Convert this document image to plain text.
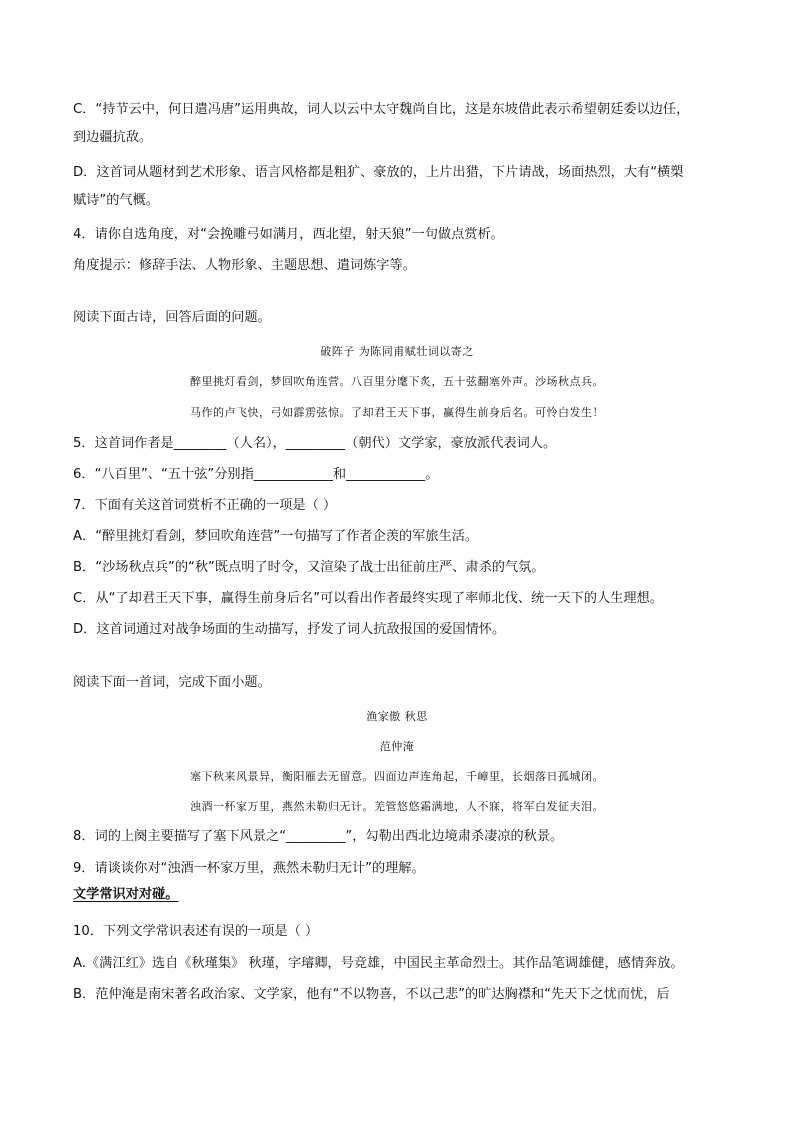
C．“持节云中，何日遣冯唐”运用典故，词人以云中太守魏尚自比，这是东坡借此表示希望朝廷委以边任，
到边疆抗敌。
D．这首词从题材到艺术形象、语言风格都是粗犷、豪放的，上片出猎，下片请战，场面热烈，大有“横槊
赋诗”的气概。
4．请你自选角度，对“会挽雕弓如满月，西北望，射天狼”一句做点赏析。
角度提示：修辞手法、人物形象、主题思想、遣词炼字等。
阅读下面古诗，回答后面的问题。
破阵子 为陈同甫赋壮词以寄之
醉里挑灯看剑，梦回吹角连营。八百里分麾下炙，五十弦翻塞外声。沙场秋点兵。
马作的卢飞快，弓如霹雳弦惊。了却君王天下事，赢得生前身后名。可怜白发生！
5．这首词作者是________（人名），_________（朝代）文学家，豪放派代表词人。
6．“八百里”、“五十弦”分别指____________和____________。
7．下面有关这首词赏析不正确的一项是（ ）
A．“醉里挑灯看剑，梦回吹角连营”一句描写了作者企羡的军旅生活。
B．“沙场秋点兵”的“秋”既点明了时令，又渲染了战士出征前庄严、肃杀的气氛。
C．从“了却君王天下事，赢得生前身后名”可以看出作者最终实现了率师北伐、统一天下的人生理想。
D．这首词通过对战争场面的生动描写，抒发了词人抗敌报国的爱国情怀。
阅读下面一首词，完成下面小题。
渔家傲 秋思
范仲淹
塞下秋来风景异，衡阳雁去无留意。四面边声连角起，千嶂里，长烟落日孤城闭。
浊酒一杯家万里，燕然未勒归无计。羌管悠悠霜满地，人不寐，将军白发征夫泪。
8．词的上阕主要描写了塞下风景之“_________”，勾勒出西北边境肃杀凄凉的秋景。
9．请谈谈你对“浊酒一杯家万里，燕然未勒归无计”的理解。
文学常识对对碰。
10．下列文学常识表述有误的一项是（ ）
A.《满江红》选自《秋瑾集》 秋瑾，字璿卿，号竞雄，中国民主革命烈士。其作品笔调雄健，感情奔放。
B．范仲淹是南宋著名政治家、文学家，他有“不以物喜，不以己悲”的旷达胸襟和“先天下之忧而忧，后
